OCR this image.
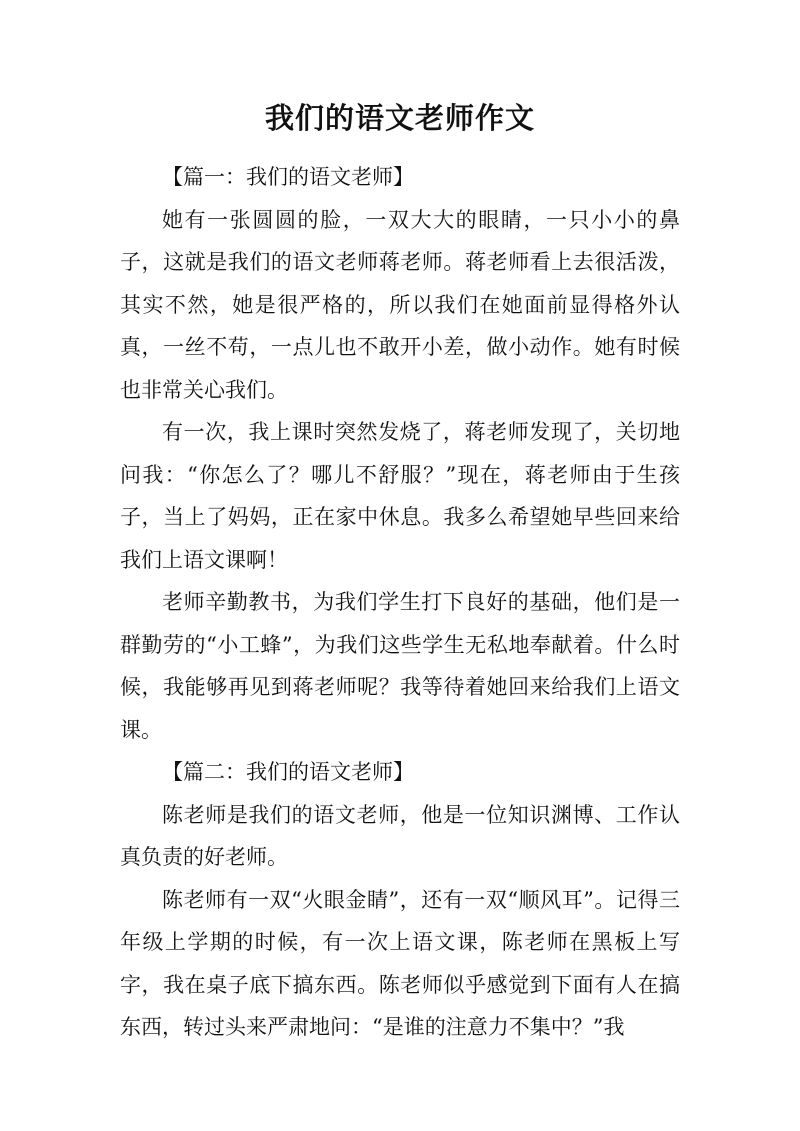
我们的语文老师作文

【篇一：我们的语文老师】

她有一张圆圆的脸，一双大大的眼睛，一只小小的鼻子，这就是我们的语文老师蒋老师。蒋老师看上去很活泼，其实不然，她是很严格的，所以我们在她面前显得格外认真，一丝不苟，一点儿也不敢开小差，做小动作。她有时候也非常关心我们。

有一次，我上课时突然发烧了，蒋老师发现了，关切地问我：“你怎么了？哪儿不舒服？”现在，蒋老师由于生孩子，当上了妈妈，正在家中休息。我多么希望她早些回来给我们上语文课啊！

老师辛勤教书，为我们学生打下良好的基础，他们是一群勤劳的“小工蜂”，为我们这些学生无私地奉献着。什么时候，我能够再见到蒋老师呢？我等待着她回来给我们上语文课。

【篇二：我们的语文老师】

陈老师是我们的语文老师，他是一位知识渊博、工作认真负责的好老师。

陈老师有一双“火眼金睛”，还有一双“顺风耳”。记得三年级上学期的时候，有一次上语文课，陈老师在黑板上写字，我在桌子底下搞东西。陈老师似乎感觉到下面有人在搞东西，转过头来严肃地问：“是谁的注意力不集中？”我
